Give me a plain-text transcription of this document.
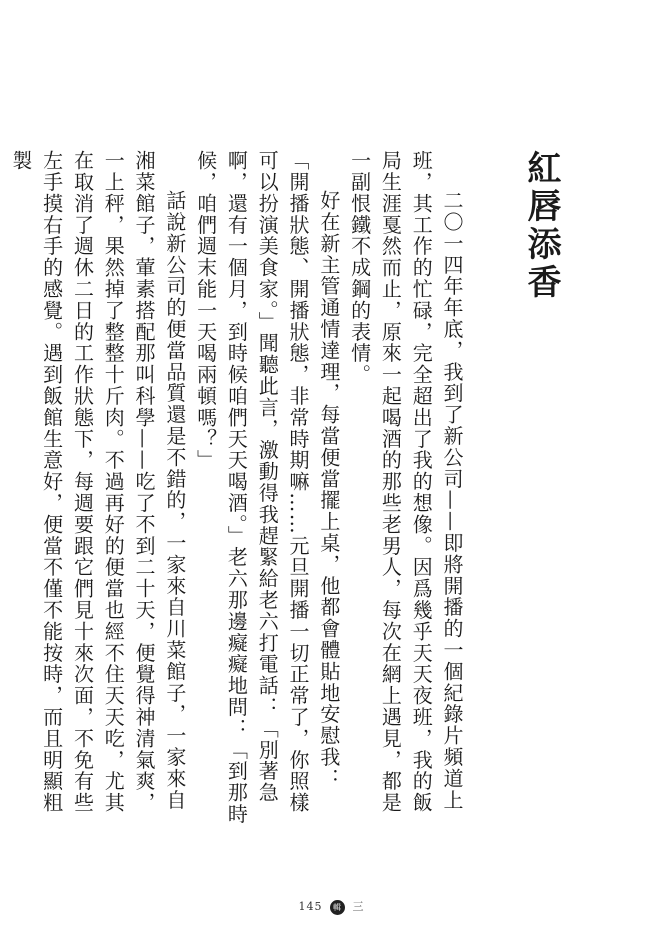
紅唇添香

二〇一四年年底，我到了新公司——即將開播的一個紀錄片頻道上班，其工作的忙碌，完全超出了我的想像。因爲幾乎天天夜班，我的飯局生涯戛然而止，原來一起喝酒的那些老男人，每次在網上遇見，都是一副恨鐵不成鋼的表情。

好在新主管通情達理，每當便當擺上桌，他都會體貼地安慰我：「開播狀態、開播狀態，非常時期嘛……元旦開播一切正常了，你照樣可以扮演美食家。」聞聽此言，激動得我趕緊給老六打電話：「別著急啊，還有一個月，到時候咱們天天喝酒。」老六那邊癡癡地問：「到那時候，咱們週末能一天喝兩頓嗎？」

話說新公司的便當品質還是不錯的，一家來自川菜館子，一家來自湘菜館子，葷素搭配那叫科學——吃了不到二十天，便覺得神清氣爽，一上秤，果然掉了整整十斤肉。不過再好的便當也經不住天天吃，尤其在取消了週休二日的工作狀態下，每週要跟它們見十來次面，不免有些左手摸右手的感覺。遇到飯館生意好，便當不僅不能按時，而且明顯粗製

145 輯 三
